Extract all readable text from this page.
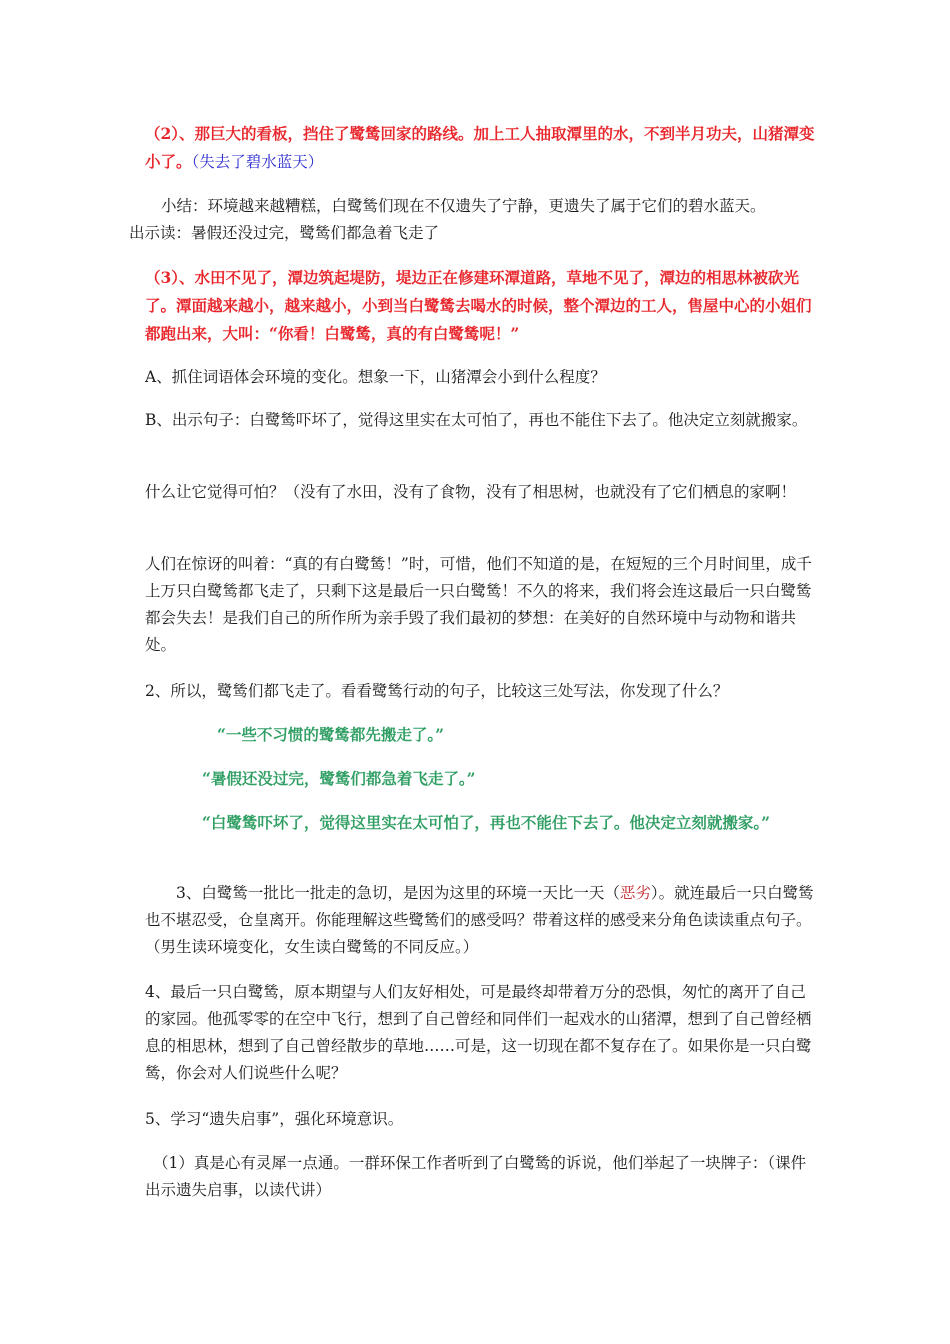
（2）、那巨大的看板，挡住了鹭鸶回家的路线。加上工人抽取潭里的水，不到半月功夫，山猪潭变小了。（失去了碧水蓝天）

小结：环境越来越糟糕，白鹭鸶们现在不仅遗失了宁静，更遗失了属于它们的碧水蓝天。
出示读：暑假还没过完，鹭鸶们都急着飞走了

（3）、水田不见了，潭边筑起堤防，堤边正在修建环潭道路，草地不见了，潭边的相思林被砍光了。潭面越来越小，越来越小，小到当白鹭鸶去喝水的时候，整个潭边的工人，售屋中心的小姐们都跑出来，大叫：“你看！白鹭鸶，真的有白鹭鸶呢！”

A、抓住词语体会环境的变化。想象一下，山猪潭会小到什么程度？

B、出示句子：白鹭鸶吓坏了，觉得这里实在太可怕了，再也不能住下去了。他决定立刻就搬家。

什么让它觉得可怕？（没有了水田，没有了食物，没有了相思树，也就没有了它们栖息的家啊！

人们在惊讶的叫着：“真的有白鹭鸶！”时，可惜，他们不知道的是，在短短的三个月时间里，成千上万只白鹭鸶都飞走了，只剩下这是最后一只白鹭鸶！不久的将来，我们将会连这最后一只白鹭鸶都会失去！是我们自己的所作所为亲手毁了我们最初的梦想：在美好的自然环境中与动物和谐共处。

2、所以，鹭鸶们都飞走了。看看鹭鸶行动的句子，比较这三处写法，你发现了什么？

“一些不习惯的鹭鸶都先搬走了。”

“暑假还没过完，鹭鸶们都急着飞走了。”

“白鹭鸶吓坏了，觉得这里实在太可怕了，再也不能住下去了。他决定立刻就搬家。”

3、白鹭鸶一批比一批走的急切，是因为这里的环境一天比一天（恶劣）。就连最后一只白鹭鸶也不堪忍受，仓皇离开。你能理解这些鹭鸶们的感受吗？带着这样的感受来分角色读读重点句子。（男生读环境变化，女生读白鹭鸶的不同反应。）

4、最后一只白鹭鸶，原本期望与人们友好相处，可是最终却带着万分的恐惧，匆忙的离开了自己的家园。他孤零零的在空中飞行，想到了自己曾经和同伴们一起戏水的山猪潭，想到了自己曾经栖息的相思林，想到了自己曾经散步的草地……可是，这一切现在都不复存在了。如果你是一只白鹭鸶，你会对人们说些什么呢？

5、学习“遗失启事”，强化环境意识。

（1）真是心有灵犀一点通。一群环保工作者听到了白鹭鸶的诉说，他们举起了一块牌子：（课件出示遗失启事，以读代讲）
